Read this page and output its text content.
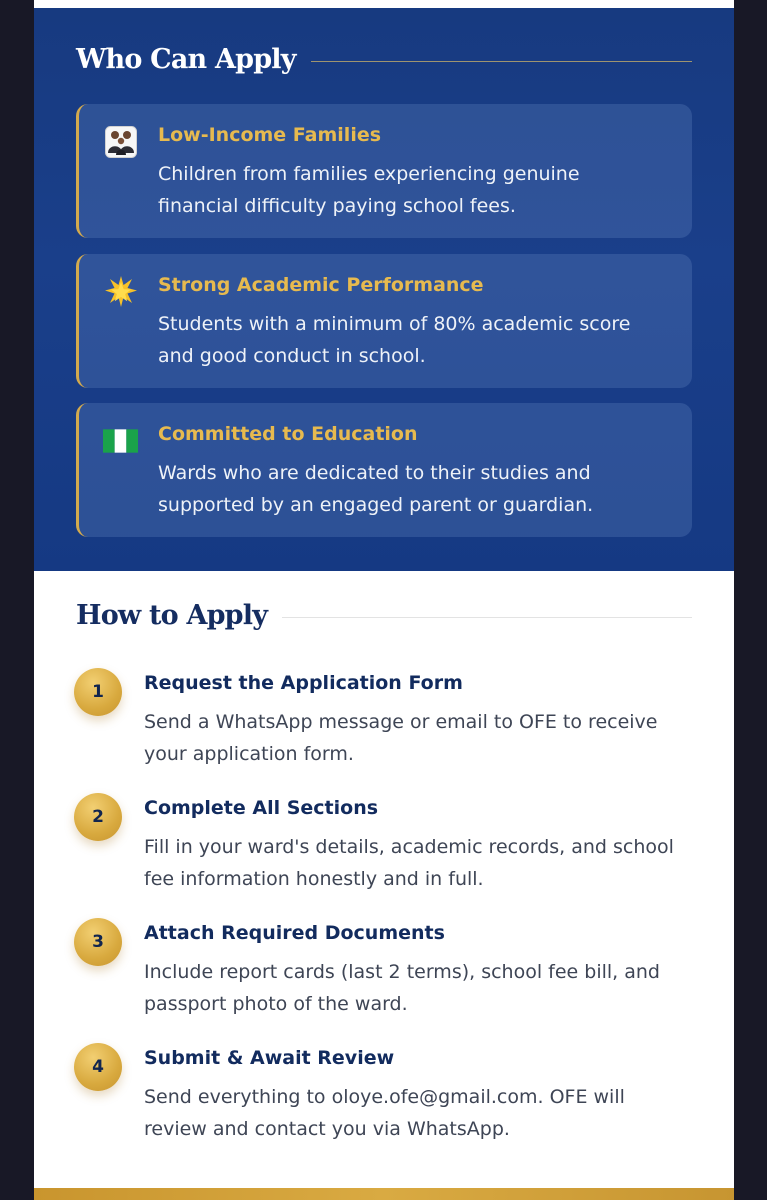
Who Can Apply
Low-Income Families
Children from families experiencing genuine financial difficulty paying school fees.
Strong Academic Performance
Students with a minimum of 80% academic score and good conduct in school.
Committed to Education
Wards who are dedicated to their studies and supported by an engaged parent or guardian.
How to Apply
1	Request the Application Form
Send a WhatsApp message or email to OFE to receive your application form.
2	Complete All Sections
Fill in your ward's details, academic records, and school fee information honestly and in full.
3	Attach Required Documents
Include report cards (last 2 terms), school fee bill, and passport photo of the ward.
4	Submit & Await Review
Send everything to oloye.ofe@gmail.com. OFE will review and contact you via WhatsApp.
